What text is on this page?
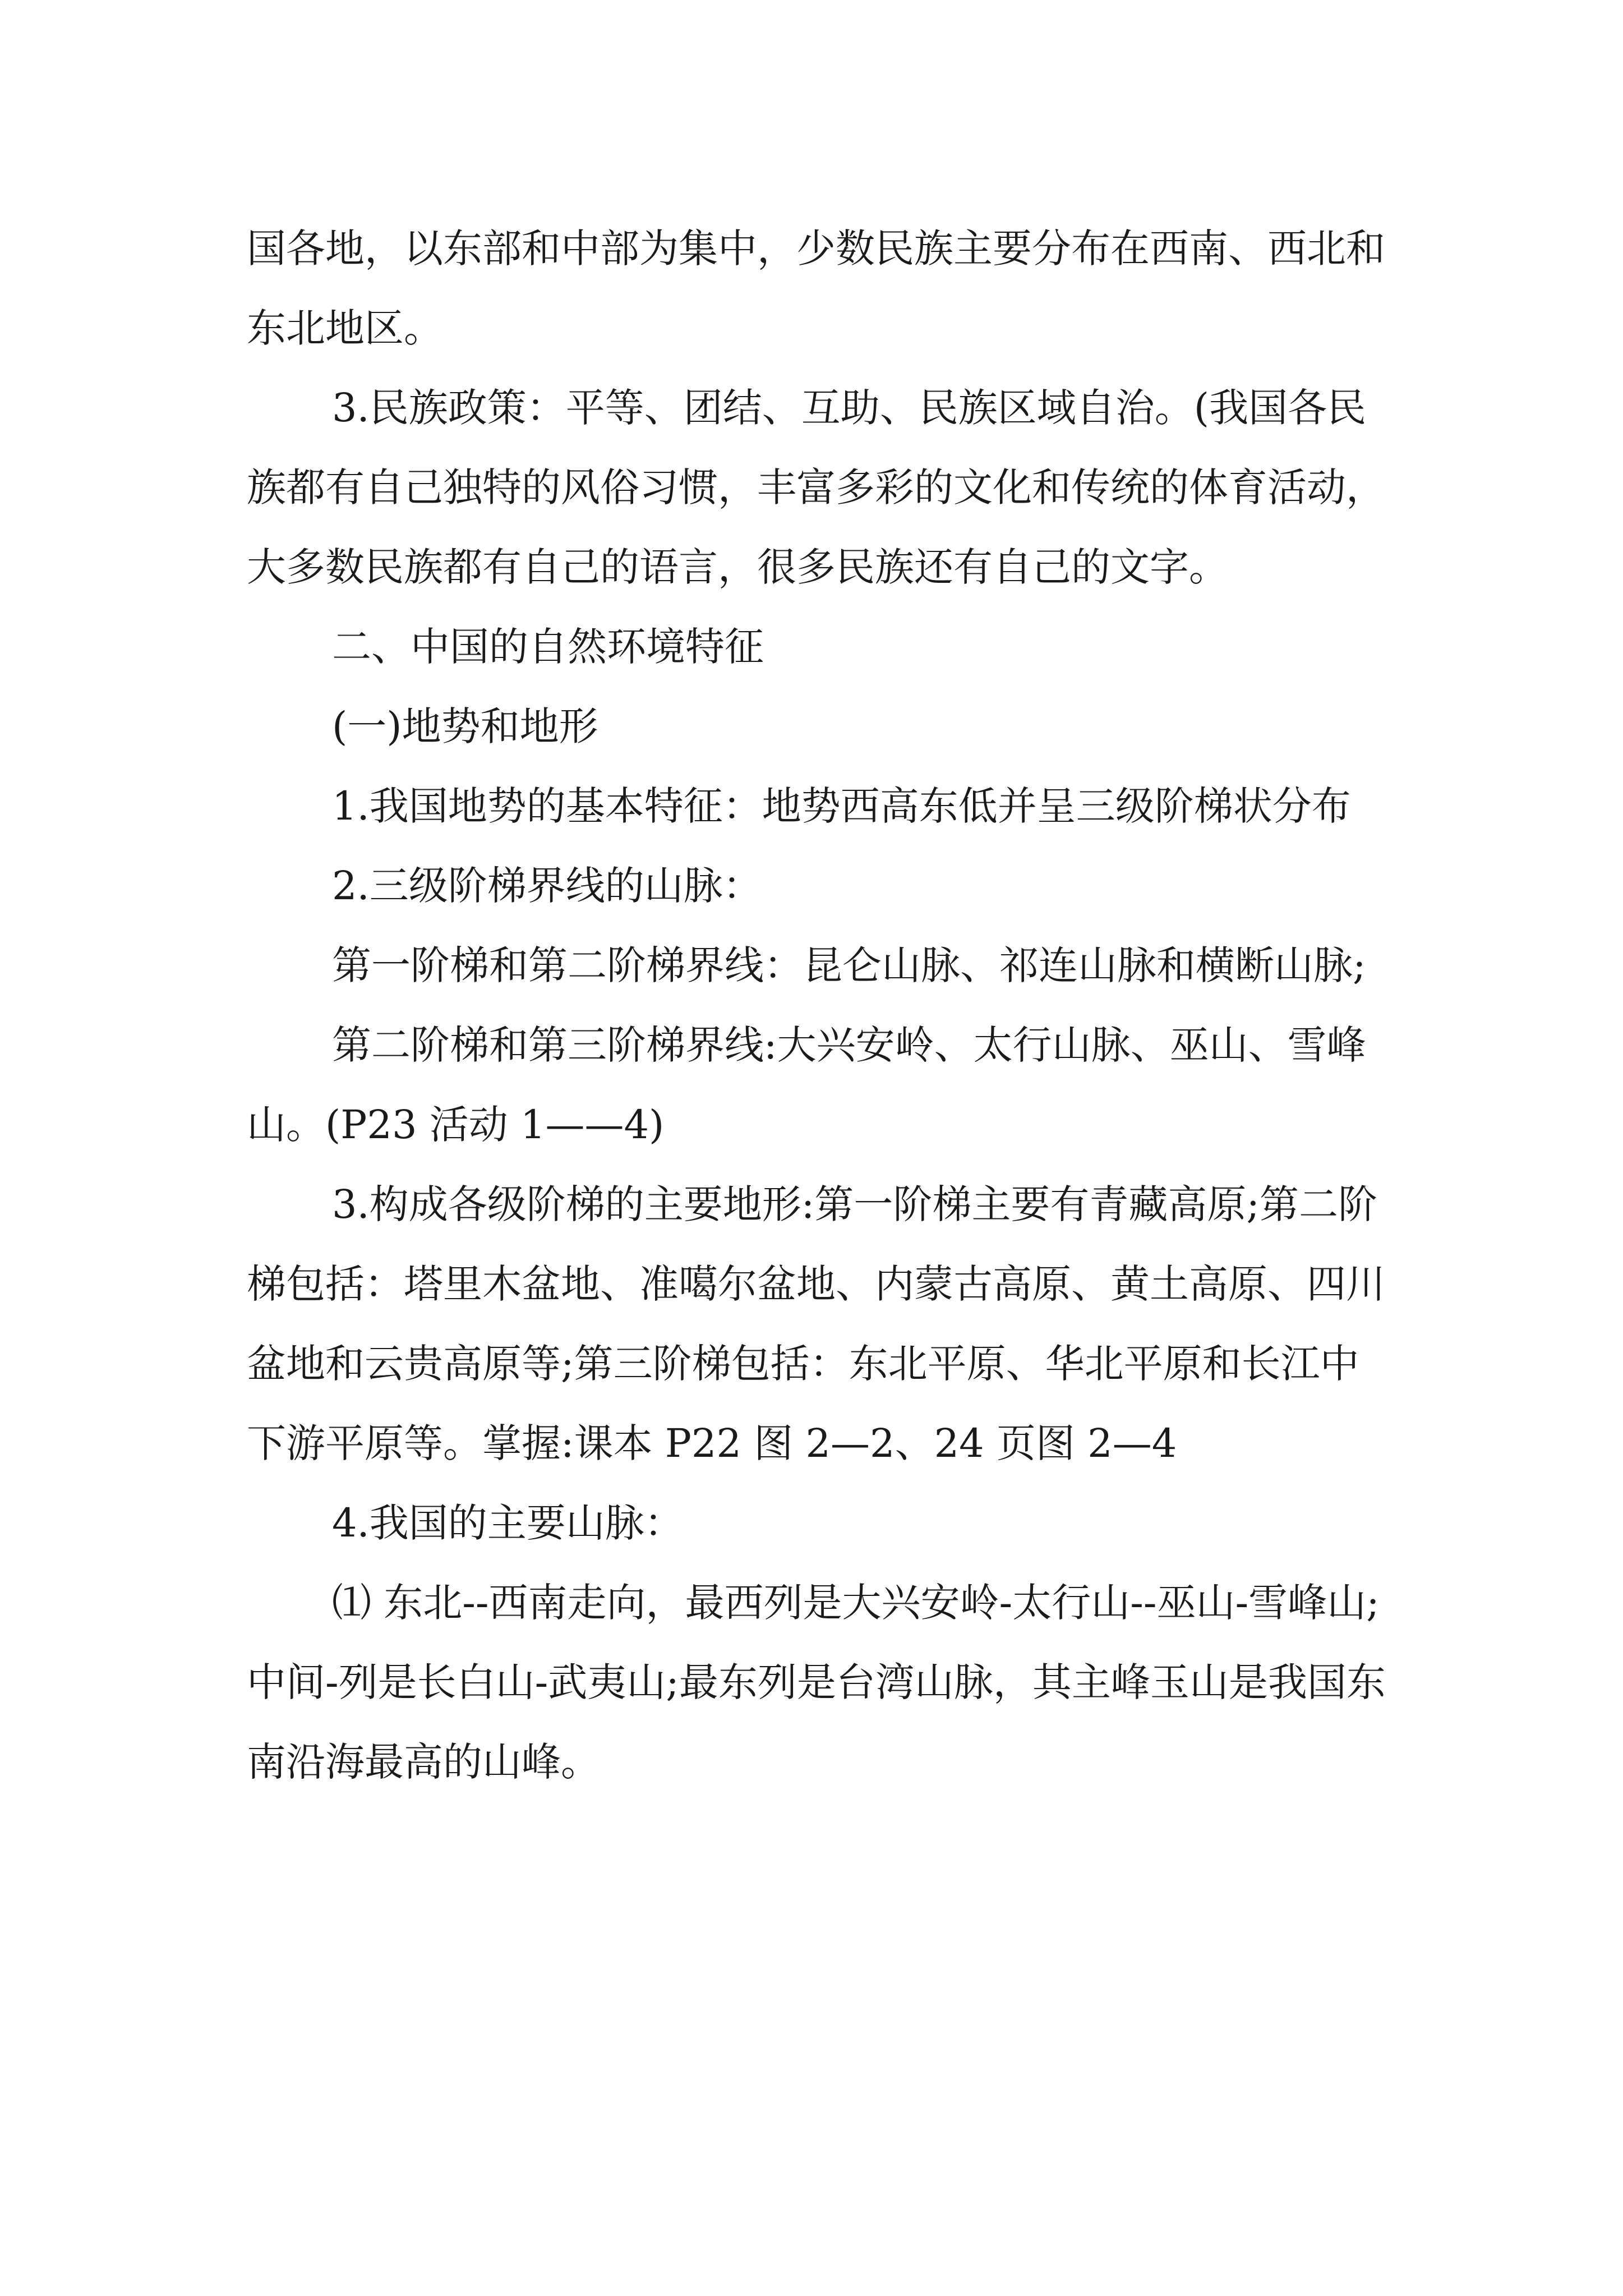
国各地，以东部和中部为集中，少数民族主要分布在西南、西北和东北地区。

3.民族政策：平等、团结、互助、民族区域自治。(我国各民族都有自己独特的风俗习惯，丰富多彩的文化和传统的体育活动，大多数民族都有自己的语言，很多民族还有自己的文字。

二、中国的自然环境特征

(一)地势和地形

1.我国地势的基本特征：地势西高东低并呈三级阶梯状分布

2.三级阶梯界线的山脉：

第一阶梯和第二阶梯界线：昆仑山脉、祁连山脉和横断山脉;

第二阶梯和第三阶梯界线:大兴安岭、太行山脉、巫山、雪峰山。(P23 活动 1——4)

3.构成各级阶梯的主要地形:第一阶梯主要有青藏高原;第二阶梯包括：塔里木盆地、准噶尔盆地、内蒙古高原、黄土高原、四川盆地和云贵高原等;第三阶梯包括：东北平原、华北平原和长江中下游平原等。掌握:课本 P22 图 2—2、24 页图 2—4

4.我国的主要山脉：

⑴ 东北--西南走向，最西列是大兴安岭-太行山--巫山-雪峰山;中间-列是长白山-武夷山;最东列是台湾山脉，其主峰玉山是我国东南沿海最高的山峰。
